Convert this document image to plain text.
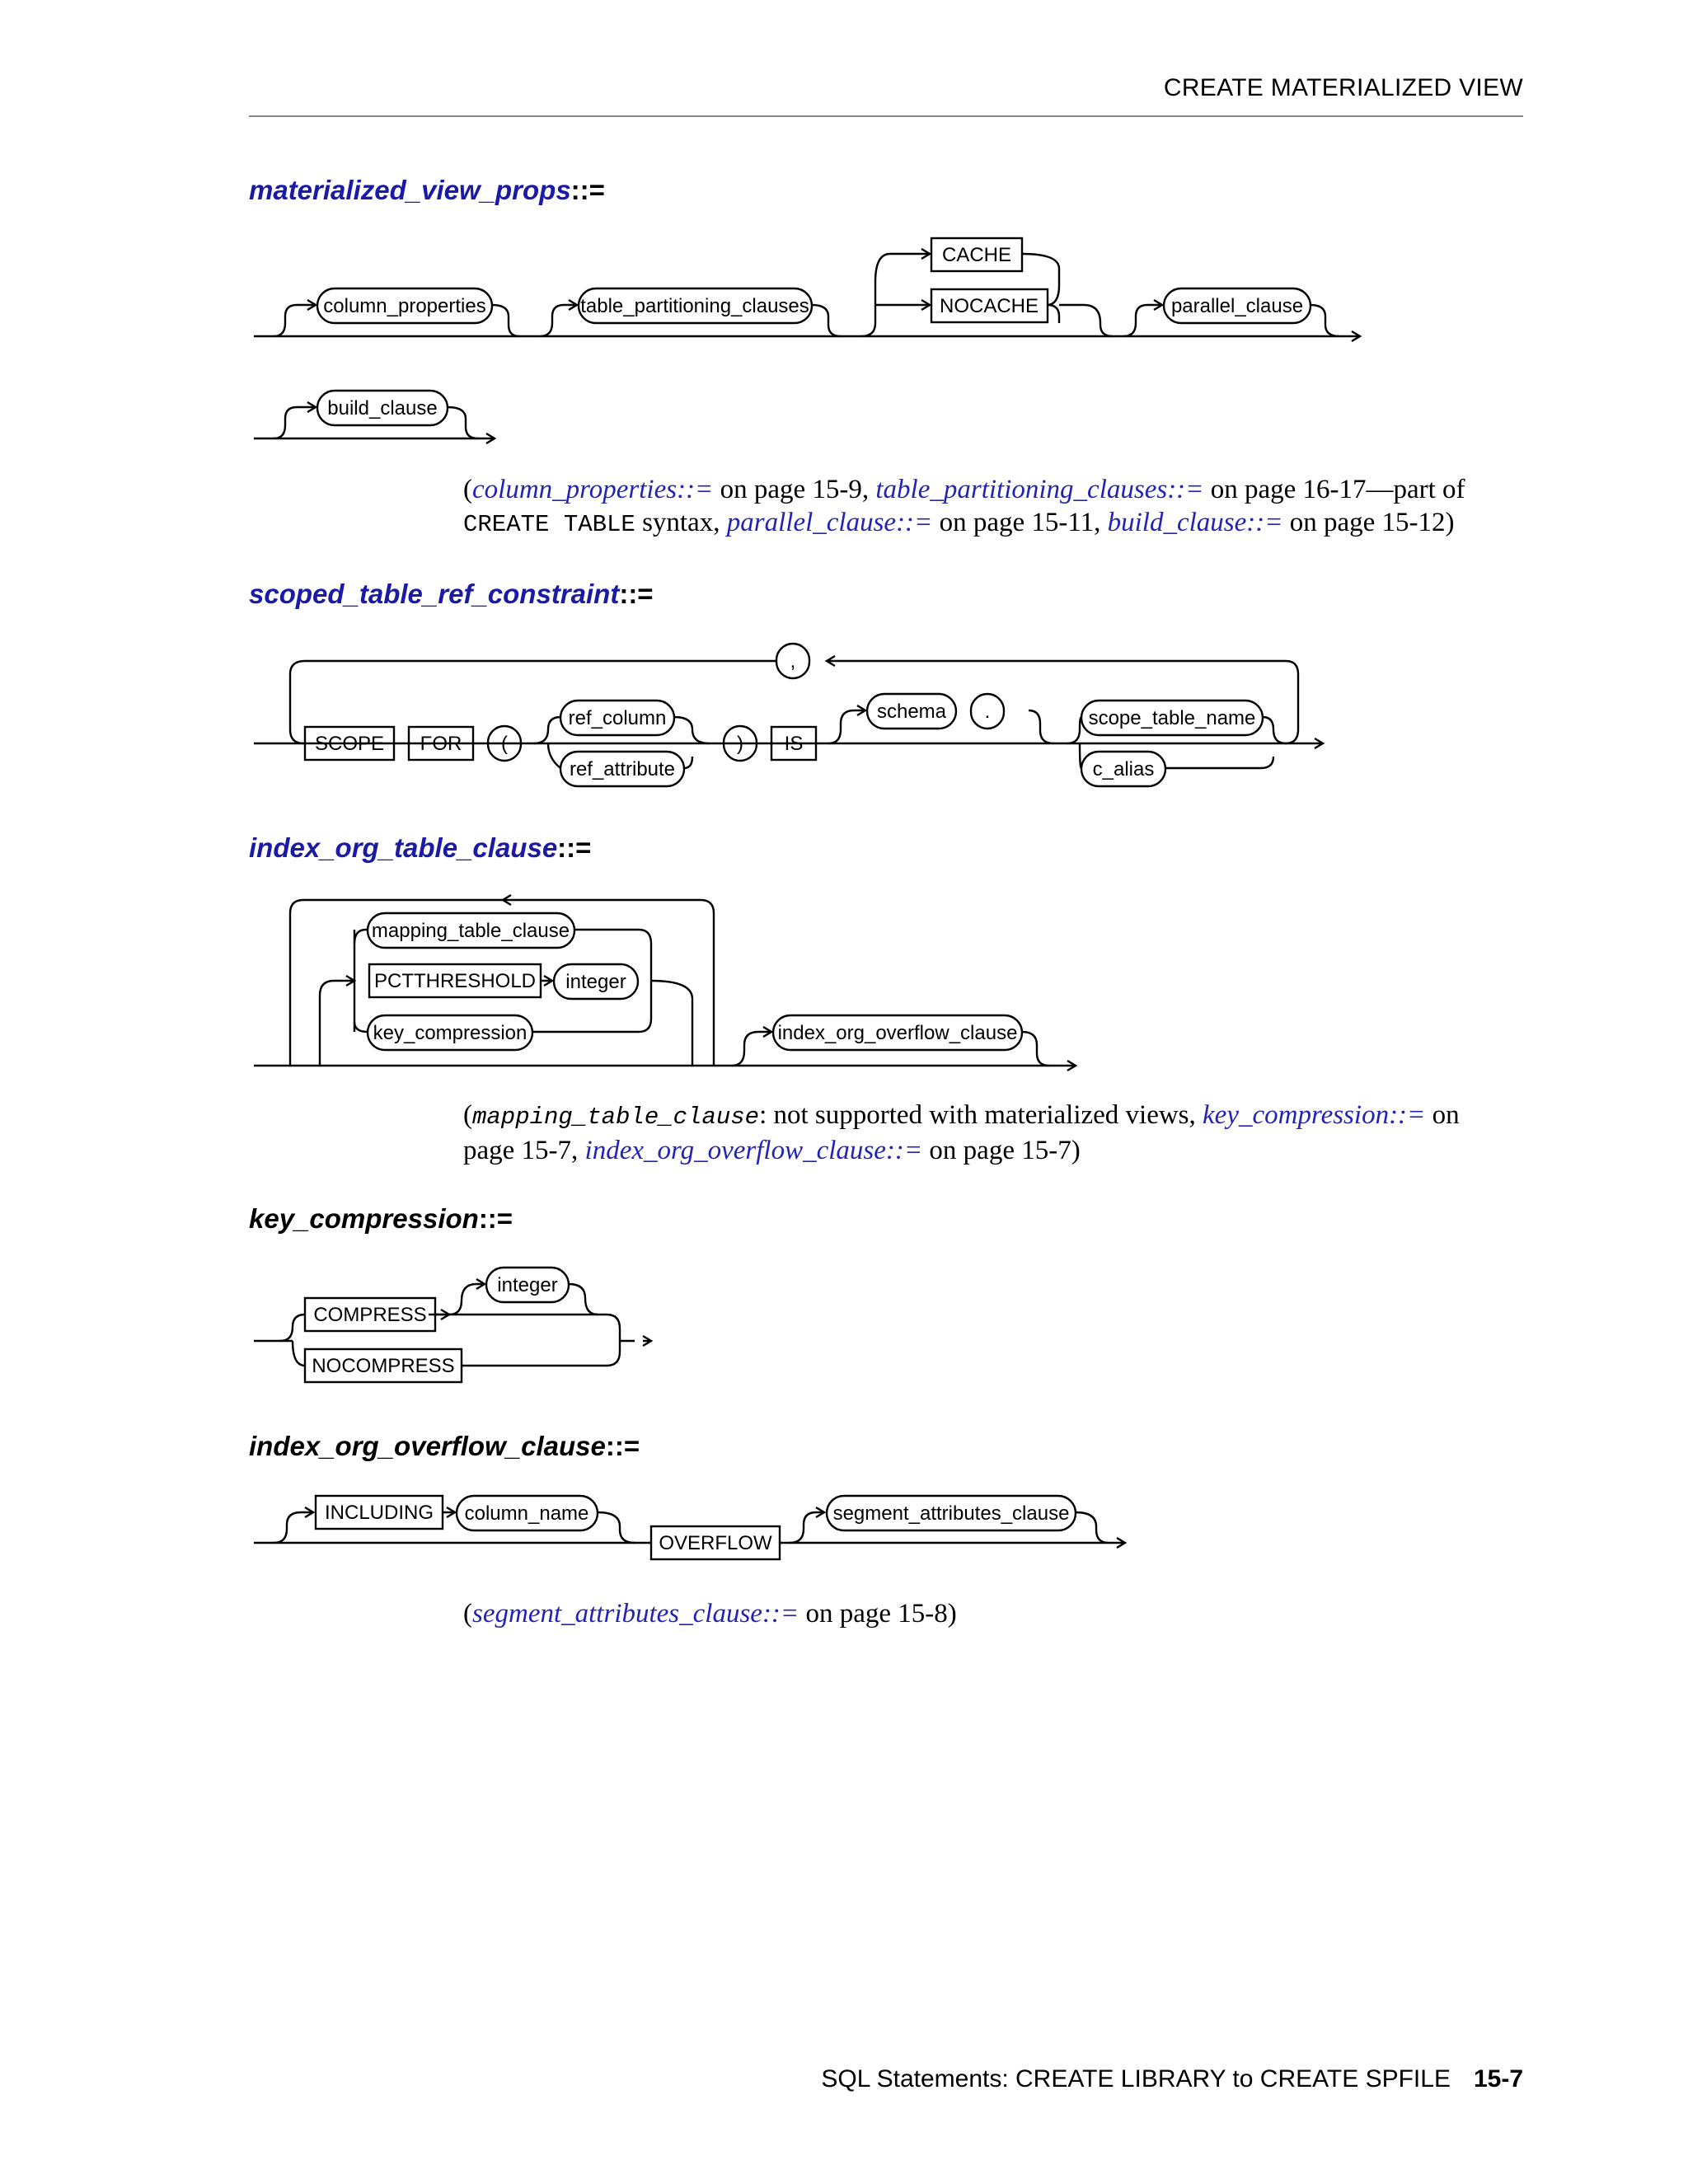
CREATE MATERIALIZED VIEW
materialized_view_props::=
column_properties	table_partitioning_clauses
CACHE
NOCACHE	parallel_clause
build_clause
(column_properties::= on page 15-9, table_partitioning_clauses::= on page 16-17—part of
CREATE TABLE syntax, parallel_clause::= on page 15-11, build_clause::= on page 15-12)
scoped_table_ref_constraint::=
,
SCOPE FOR (
ref_column
ref_attribute
) IS
schema .	scope_table_name
c_alias
index_org_table_clause::=
mapping_table_clause
PCTTHRESHOLD integer
key_compression	index_org_overflow_clause
(mapping_table_clause: not supported with materialized views, key_compression::= on
page 15-7, index_org_overflow_clause::= on page 15-7)
key_compression::=
COMPRESS
integer
NOCOMPRESS
index_org_overflow_clause::=
INCLUDING column_name
OVERFLOW
segment_attributes_clause
(segment_attributes_clause::= on page 15-8)
SQL Statements: CREATE LIBRARY to CREATE SPFILE 15-7
